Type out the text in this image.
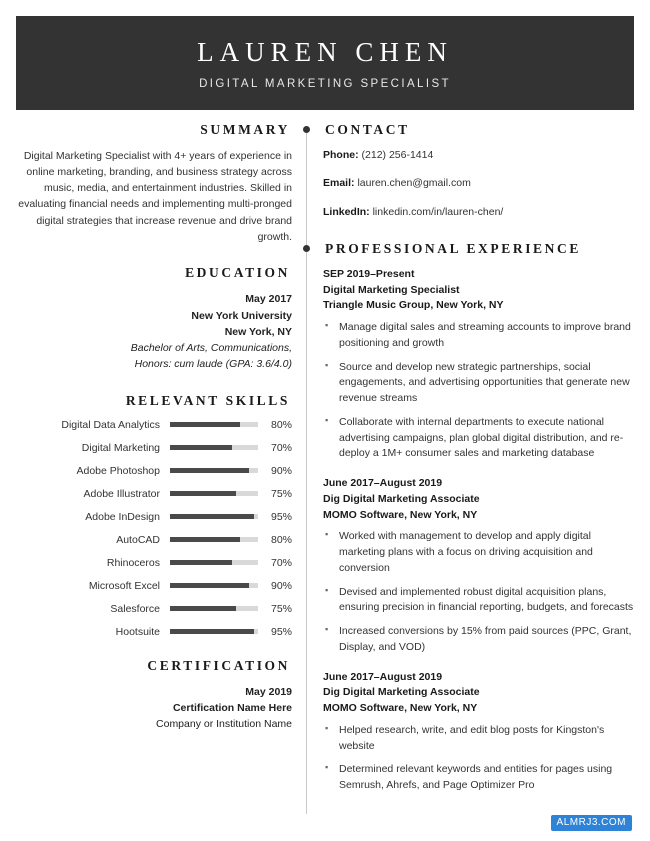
LAUREN CHEN
DIGITAL MARKETING SPECIALIST
SUMMARY
Digital Marketing Specialist with 4+ years of experience in online marketing, branding, and business strategy across music, media, and entertainment industries. Skilled in evaluating financial needs and implementing multi-pronged digital strategies that increase revenue and drive brand growth.
EDUCATION
May 2017
New York University
New York, NY
Bachelor of Arts, Communications,
Honors: cum laude (GPA: 3.6/4.0)
RELEVANT SKILLS
Digital Data Analytics	80%
Digital Marketing	70%
Adobe Photoshop	90%
Adobe Illustrator	75%
Adobe InDesign	95%
AutoCAD	80%
Rhinoceros	70%
Microsoft Excel	90%
Salesforce	75%
Hootsuite	95%
CERTIFICATION
May 2019
Certification Name Here
Company or Institution Name
CONTACT
Phone: (212) 256-1414
Email: lauren.chen@gmail.com
LinkedIn: linkedin.com/in/lauren-chen/
PROFESSIONAL EXPERIENCE
SEP 2019–Present
Digital Marketing Specialist
Triangle Music Group, New York, NY
▪ Manage digital sales and streaming accounts to improve brand positioning and growth
▪ Source and develop new strategic partnerships, social engagements, and advertising opportunities that generate new revenue streams
▪ Collaborate with internal departments to execute national advertising campaigns, plan global digital distribution, and re-deploy a 1M+ consumer sales and marketing database
June 2017–August 2019
Dig Digital Marketing Associate
MOMO Software, New York, NY
▪ Worked with management to develop and apply digital marketing plans with a focus on driving acquisition and conversion
▪ Devised and implemented robust digital acquisition plans, ensuring precision in financial reporting, budgets, and forecasts
▪ Increased conversions by 15% from paid sources (PPC, Grant, Display, and VOD)
June 2017–August 2019
Dig Digital Marketing Associate
MOMO Software, New York, NY
▪ Helped research, write, and edit blog posts for Kingston's website
▪ Determined relevant keywords and entities for pages using Semrush, Ahrefs, and Page Optimizer Pro
ALMRJ3.COM
